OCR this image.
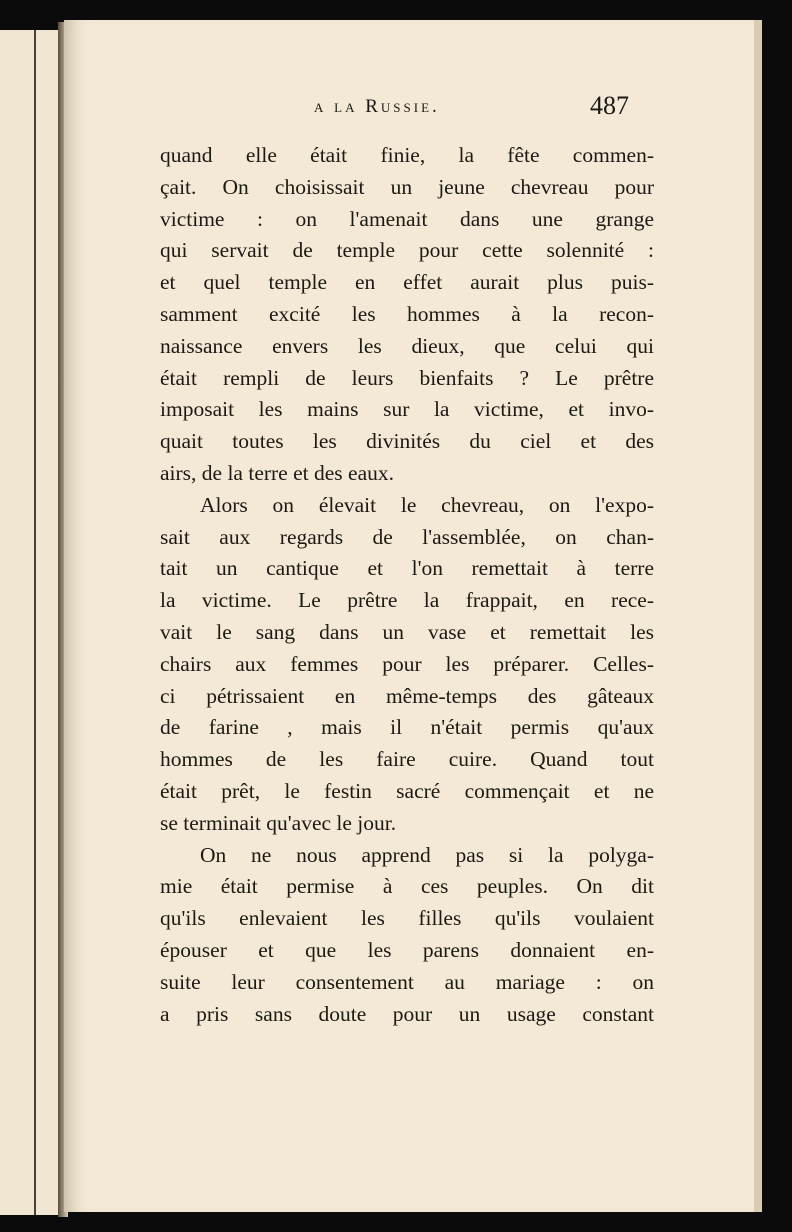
a la Russie.	487
quand elle était finie, la fête commen-
çait. On choisissait un jeune chevreau pour
victime : on l'amenait dans une grange
qui servait de temple pour cette solennité :
et quel temple en effet aurait plus puis-
samment excité les hommes à la recon-
naissance envers les dieux, que celui qui
était rempli de leurs bienfaits ? Le prêtre
imposait les mains sur la victime, et invo-
quait toutes les divinités du ciel et des
airs, de la terre et des eaux.
Alors on élevait le chevreau, on l'expo-
sait aux regards de l'assemblée, on chan-
tait un cantique et l'on remettait à terre
la victime. Le prêtre la frappait, en rece-
vait le sang dans un vase et remettait les
chairs aux femmes pour les préparer. Celles-
ci pétrissaient en même-temps des gâteaux
de farine , mais il n'était permis qu'aux
hommes de les faire cuire. Quand tout
était prêt, le festin sacré commençait et ne
se terminait qu'avec le jour.
On ne nous apprend pas si la polyga-
mie était permise à ces peuples. On dit
qu'ils enlevaient les filles qu'ils voulaient
épouser et que les parens donnaient en-
suite leur consentement au mariage : on
a pris sans doute pour un usage constant
